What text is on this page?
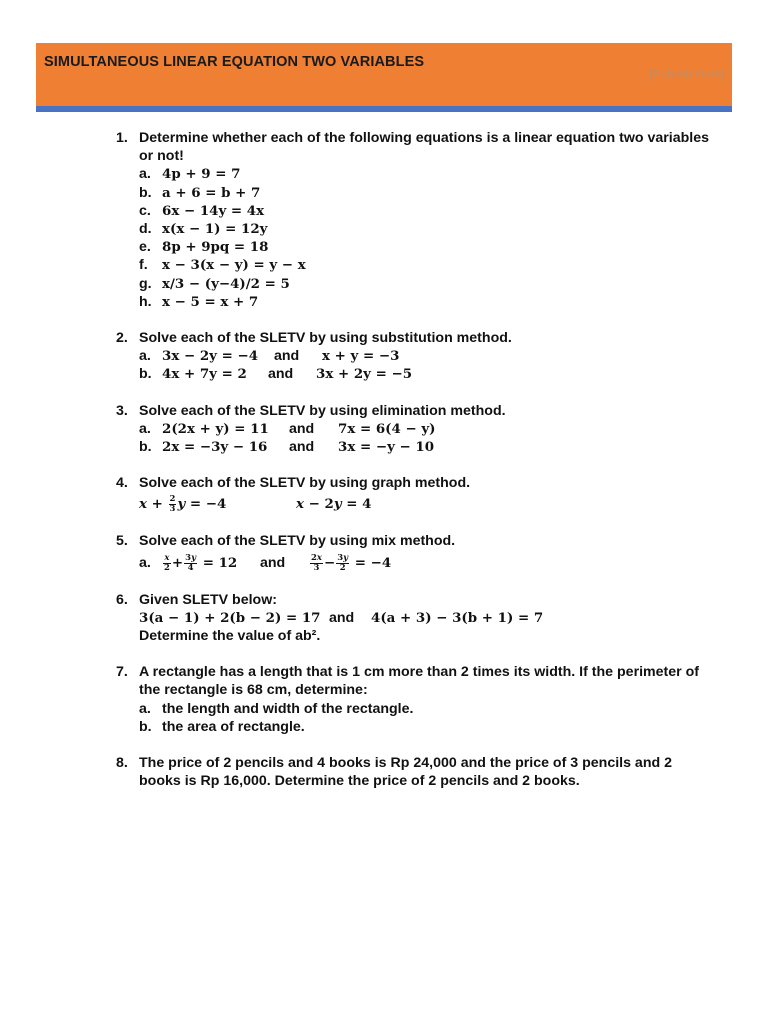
SIMULTANEOUS LINEAR EQUATION TWO VARIABLES
[Publish Date]
1. Determine whether each of the following equations is a linear equation two variables or not!
a. 4p + 9 = 7
b. a + 6 = b + 7
c. 6x − 14y = 4x
d. x(x − 1) = 12y
e. 8p + 9pq = 18
f. x − 3(x − y) = y − x
g. x/3 − (y−4)/2 = 5
h. x − 5 = x + 7
2. Solve each of the SLETV by using substitution method.
a. 3x − 2y = −4 and x + y = −3
b. 4x + 7y = 2 and 3x + 2y = −5
3. Solve each of the SLETV by using elimination method.
a. 2(2x + y) = 11 and 7x = 6(4 − y)
b. 2x = −3y − 16 and 3x = −y − 10
4. Solve each of the SLETV by using graph method.
$x + \frac{2}{3}$ y = −4	x − 2y = 4
5. Solve each of the SLETV by using mix method.
a. $\frac{x}{2} + \frac{3y}{4} = 12$ and	$\frac{2x}{3} - \frac{3y}{2} = -4$
6. Given SLETV below:
3(a − 1) + 2(b − 2) = 17 and 4(a + 3) − 3(b + 1) = 7
Determine the value of ab².
7. A rectangle has a length that is 1 cm more than 2 times its width. If the perimeter of the rectangle is 68 cm, determine:
a. the length and width of the rectangle.
b. the area of rectangle.
8. The price of 2 pencils and 4 books is Rp 24,000 and the price of 3 pencils and 2 books is Rp 16,000. Determine the price of 2 pencils and 2 books.
